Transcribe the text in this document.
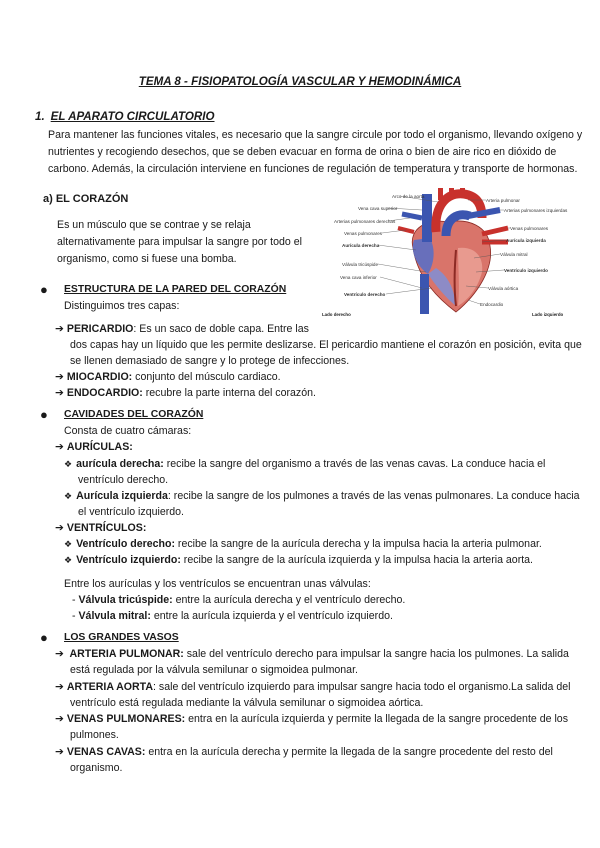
TEMA 8 - FISIOPATOLOGÍA VASCULAR Y HEMODINÁMICA
1. EL APARATO CIRCULATORIO
Para mantener las funciones vitales, es necesario que la sangre circule por todo el organismo, llevando oxígeno y
nutrientes y recogiendo desechos, que se deben evacuar en forma de orina o bien de aire rico en dióxido de
carbono. Además, la circulación interviene en funciones de regulación de temperatura y transporte de hormonas.
a) EL CORAZÓN
Es un músculo que se contrae y se relaja
alternativamente para impulsar la sangre por todo el
organismo, como si fuese una bomba.
Arco de la aorta
Vena cava superior
Arterias pulmonares derechas
Venas pulmonares
Aurícula derecha
Válvula tricúspide
Vena cava inferior
Ventrículo derecho
Arteria pulmonar
Arterias pulmonares izquierdas
Venas pulmonares
Aurícula izquierda
Válvula mitral
Ventrículo izquierdo
Válvula aórtica
Endocardio
Lado derecho	Lado izquierdo
● ESTRUCTURA DE LA PARED DEL CORAZÓN
Distinguimos tres capas:
➔ PERICARDIO: Es un saco de doble capa. Entre las
dos capas hay un líquido que les permite deslizarse. El pericardio mantiene el corazón en posición, evita que
se llenen demasiado de sangre y lo protege de infecciones.
➔ MIOCARDIO: conjunto del músculo cardiaco.
➔ ENDOCARDIO: recubre la parte interna del corazón.
● CAVIDADES DEL CORAZÓN
Consta de cuatro cámaras:
➔ AURÍCULAS:
❖ aurícula derecha: recibe la sangre del organismo a través de las venas cavas. La conduce hacia el
ventrículo derecho.
❖ Aurícula izquierda: recibe la sangre de los pulmones a través de las venas pulmonares. La conduce hacia
el ventrículo izquierdo.
➔ VENTRÍCULOS:
❖ Ventrículo derecho: recibe la sangre de la aurícula derecha y la impulsa hacia la arteria pulmonar.
❖ Ventrículo izquierdo: recibe la sangre de la aurícula izquierda y la impulsa hacia la arteria aorta.
Entre los aurículas y los ventrículos se encuentran unas válvulas:
- Válvula tricúspide: entre la aurícula derecha y el ventrículo derecho.
- Válvula mitral: entre la aurícula izquierda y el ventrículo izquierdo.
● LOS GRANDES VASOS
➔ ARTERIA PULMONAR: sale del ventrículo derecho para impulsar la sangre hacia los pulmones. La salida
está regulada por la válvula semilunar o sigmoidea pulmonar.
➔ ARTERIA AORTA: sale del ventrículo izquierdo para impulsar sangre hacia todo el organismo.La salida del
ventrículo está regulada mediante la válvula semilunar o sigmoidea aórtica.
➔ VENAS PULMONARES: entra en la aurícula izquierda y permite la llegada de la sangre procedente de los
pulmones.
➔ VENAS CAVAS: entra en la aurícula derecha y permite la llegada de la sangre procedente del resto del
organismo.
